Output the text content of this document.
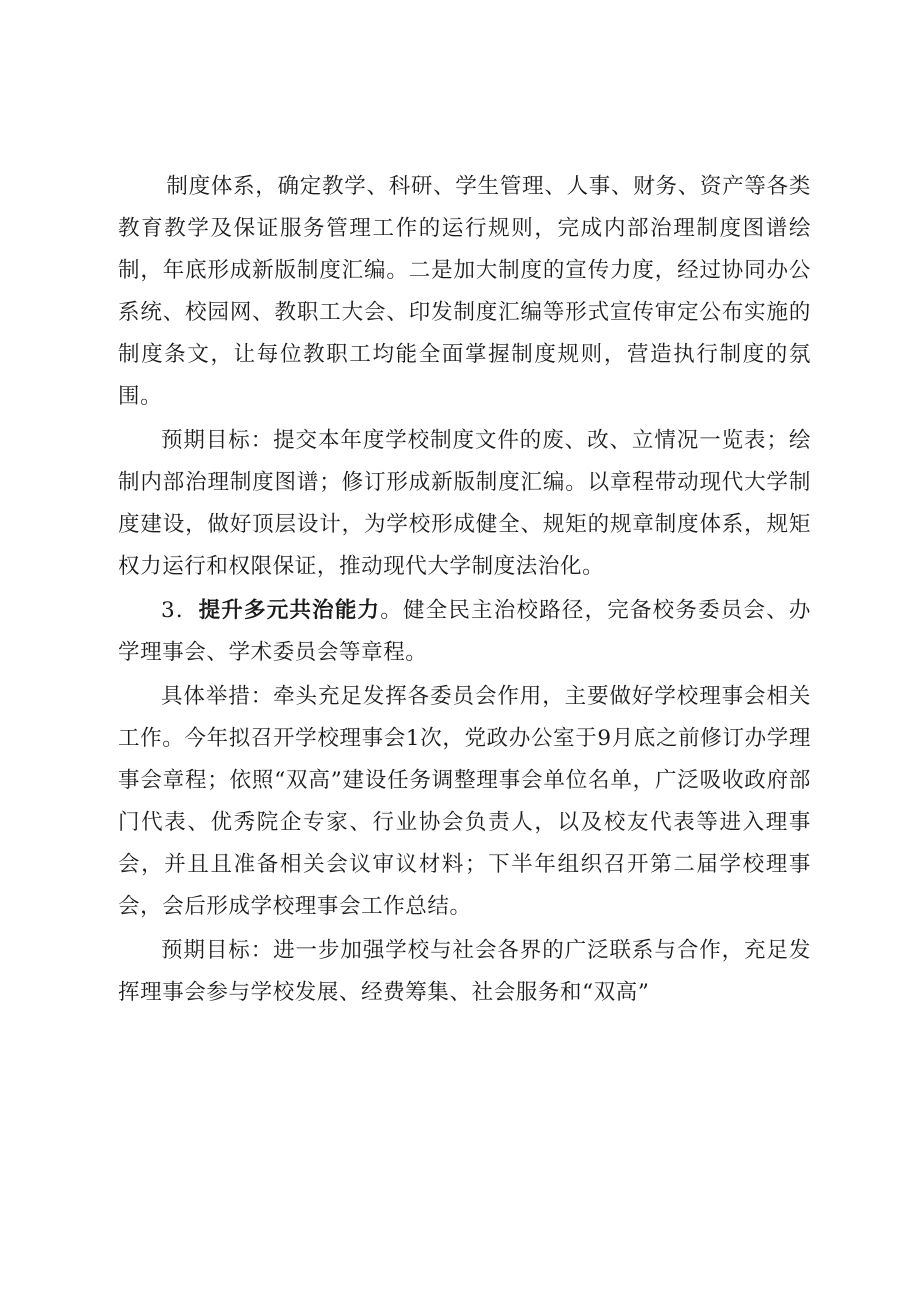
制度体系，确定教学、科研、学生管理、人事、财务、资产等各类教育教学及保证服务管理工作的运行规则，完成内部治理制度图谱绘制，年底形成新版制度汇编。二是加大制度的宣传力度，经过协同办公系统、校园网、教职工大会、印发制度汇编等形式宣传审定公布实施的制度条文，让每位教职工均能全面掌握制度规则，营造执行制度的氛围。

预期目标：提交本年度学校制度文件的废、改、立情况一览表；绘制内部治理制度图谱；修订形成新版制度汇编。以章程带动现代大学制度建设，做好顶层设计，为学校形成健全、规矩的规章制度体系，规矩权力运行和权限保证，推动现代大学制度法治化。

3．提升多元共治能力。健全民主治校路径，完备校务委员会、办学理事会、学术委员会等章程。

具体举措：牵头充足发挥各委员会作用，主要做好学校理事会相关工作。今年拟召开学校理事会1次，党政办公室于9月底之前修订办学理事会章程；依照“双高”建设任务调整理事会单位名单，广泛吸收政府部门代表、优秀院企专家、行业协会负责人，以及校友代表等进入理事会，并且且准备相关会议审议材料；下半年组织召开第二届学校理事会，会后形成学校理事会工作总结。

预期目标：进一步加强学校与社会各界的广泛联系与合作，充足发挥理事会参与学校发展、经费筹集、社会服务和“双高”
